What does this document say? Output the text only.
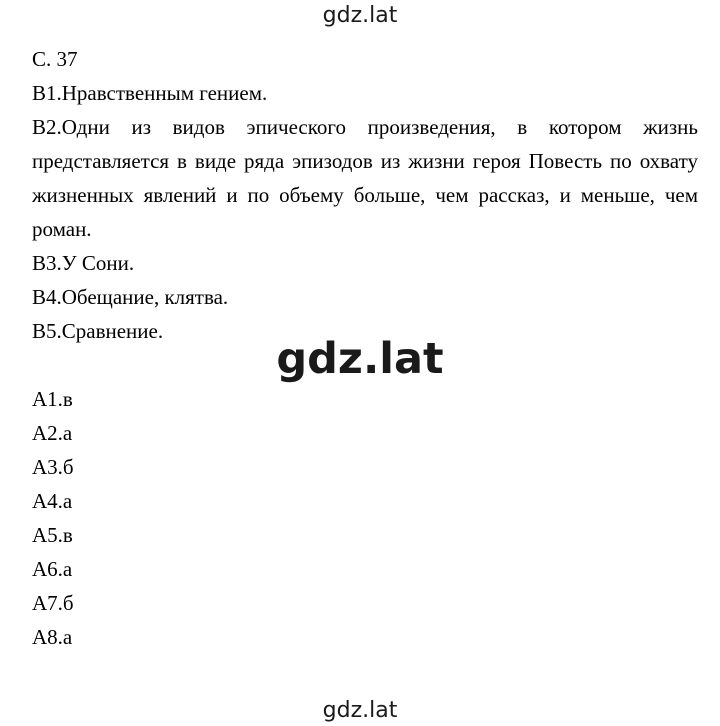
gdz.lat
gdz.lat
gdz.lat

С. 37

В1.Нравственным гением.

В2.Одни из видов эпического произведения, в котором жизнь представляется в виде ряда эпизодов из жизни героя Повесть по охвату жизненных явлений и по объему больше, чем рассказ, и меньше, чем роман.

В3.У Сони.

В4.Обещание, клятва.

В5.Сравнение.

А1.в

А2.а

А3.б

А4.а

А5.в

А6.а

А7.б

А8.а
